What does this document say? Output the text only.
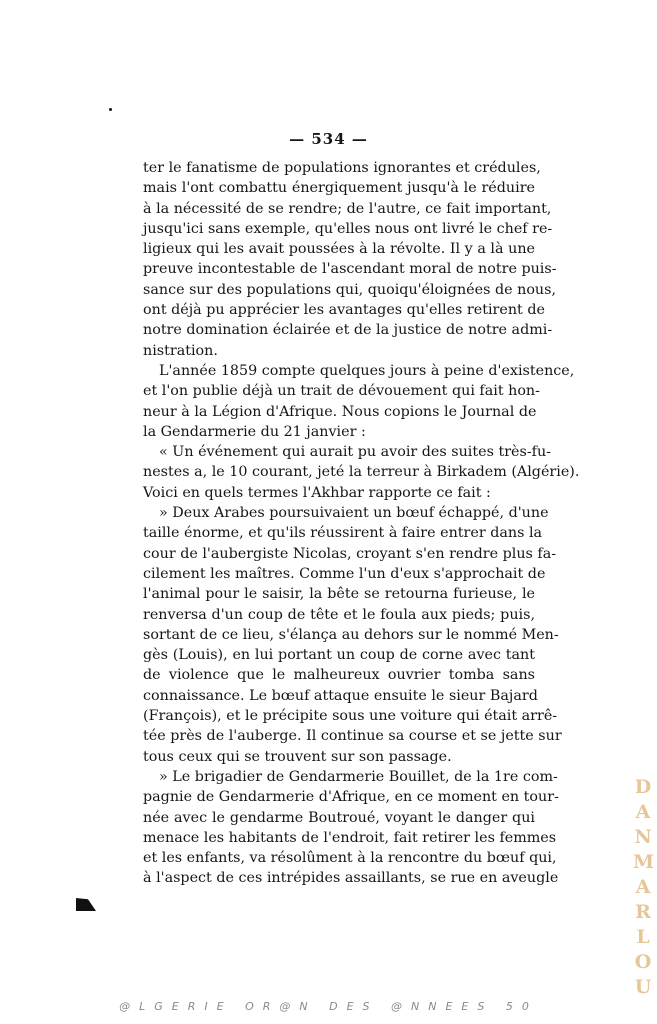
— 534 —
ter le fanatisme de populations ignorantes et crédules,
mais l'ont combattu énergiquement jusqu'à le réduire
à la nécessité de se rendre; de l'autre, ce fait important,
jusqu'ici sans exemple, qu'elles nous ont livré le chef re-
ligieux qui les avait poussées à la révolte. Il y a là une
preuve incontestable de l'ascendant moral de notre puis-
sance sur des populations qui, quoiqu'éloignées de nous,
ont déjà pu apprécier les avantages qu'elles retirent de
notre domination éclairée et de la justice de notre admi-
nistration.
L'année 1859 compte quelques jours à peine d'existence,
et l'on publie déjà un trait de dévouement qui fait hon-
neur à la Légion d'Afrique. Nous copions le Journal de
la Gendarmerie du 21 janvier :
« Un événement qui aurait pu avoir des suites très-fu-
nestes a, le 10 courant, jeté la terreur à Birkadem (Algérie).
Voici en quels termes l'Akhbar rapporte ce fait :
» Deux Arabes poursuivaient un bœuf échappé, d'une
taille énorme, et qu'ils réussirent à faire entrer dans la
cour de l'aubergiste Nicolas, croyant s'en rendre plus fa-
cilement les maîtres. Comme l'un d'eux s'approchait de
l'animal pour le saisir, la bête se retourna furieuse, le
renversa d'un coup de tête et le foula aux pieds; puis,
sortant de ce lieu, s'élança au dehors sur le nommé Men-
gès (Louis), en lui portant un coup de corne avec tant
de violence que le malheureux ouvrier tomba sans
connaissance. Le bœuf attaque ensuite le sieur Bajard
(François), et le précipite sous une voiture qui était arrê-
tée près de l'auberge. Il continue sa course et se jette sur
tous ceux qui se trouvent sur son passage.
» Le brigadier de Gendarmerie Bouillet, de la 1re com-
pagnie de Gendarmerie d'Afrique, en ce moment en tour-
née avec le gendarme Boutroué, voyant le danger qui
menace les habitants de l'endroit, fait retirer les femmes
et les enfants, va résolûment à la rencontre du bœuf qui,
à l'aspect de ces intrépides assaillants, se rue en aveugle
DANMARLOU
@LGERIE OR@N DES @NNEES 50
